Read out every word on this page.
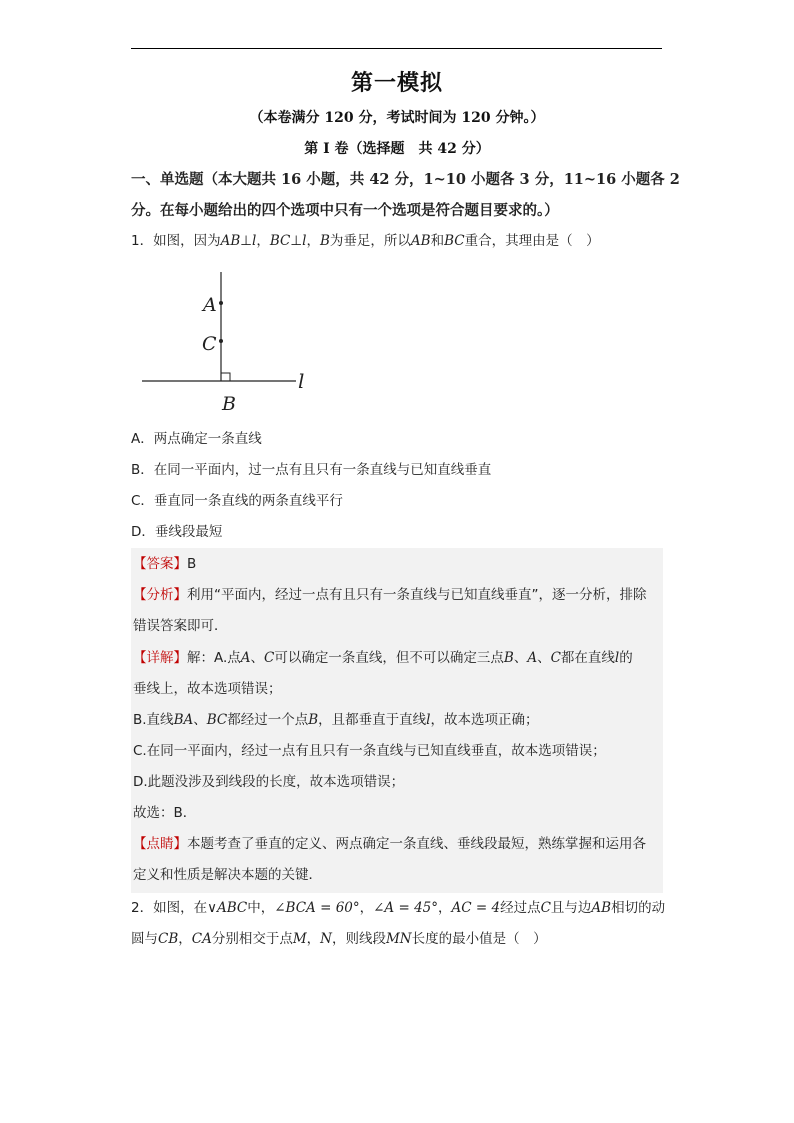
第一模拟
（本卷满分 120 分，考试时间为 120 分钟。）
第 I 卷（选择题　共 42 分）
一、单选题（本大题共 16 小题，共 42 分，1~10 小题各 3 分，11~16 小题各 2
分。在每小题给出的四个选项中只有一个选项是符合题目要求的。）
1．如图，因为AB⊥l，BC⊥l，B为垂足，所以AB和BC重合，其理由是（　）
A
C
B
l
A．两点确定一条直线
B．在同一平面内，过一点有且只有一条直线与已知直线垂直
C．垂直同一条直线的两条直线平行
D．垂线段最短
【答案】B
【分析】利用“平面内，经过一点有且只有一条直线与已知直线垂直”，逐一分析，排除
错误答案即可．
【详解】解：A.点A、C可以确定一条直线，但不可以确定三点B、A、C都在直线l的
垂线上，故本选项错误；
B.直线BA、BC都经过一个点B，且都垂直于直线l，故本选项正确；
C.在同一平面内，经过一点有且只有一条直线与已知直线垂直，故本选项错误；
D.此题没涉及到线段的长度，故本选项错误；
故选：B．
【点睛】本题考查了垂直的定义、两点确定一条直线、垂线段最短，熟练掌握和运用各
定义和性质是解决本题的关键．
2．如图，在∨ABC中，∠BCA = 60°，∠A = 45°，AC = 4经过点C且与边AB相切的动
圆与CB，CA分别相交于点M，N，则线段MN长度的最小值是（　）
